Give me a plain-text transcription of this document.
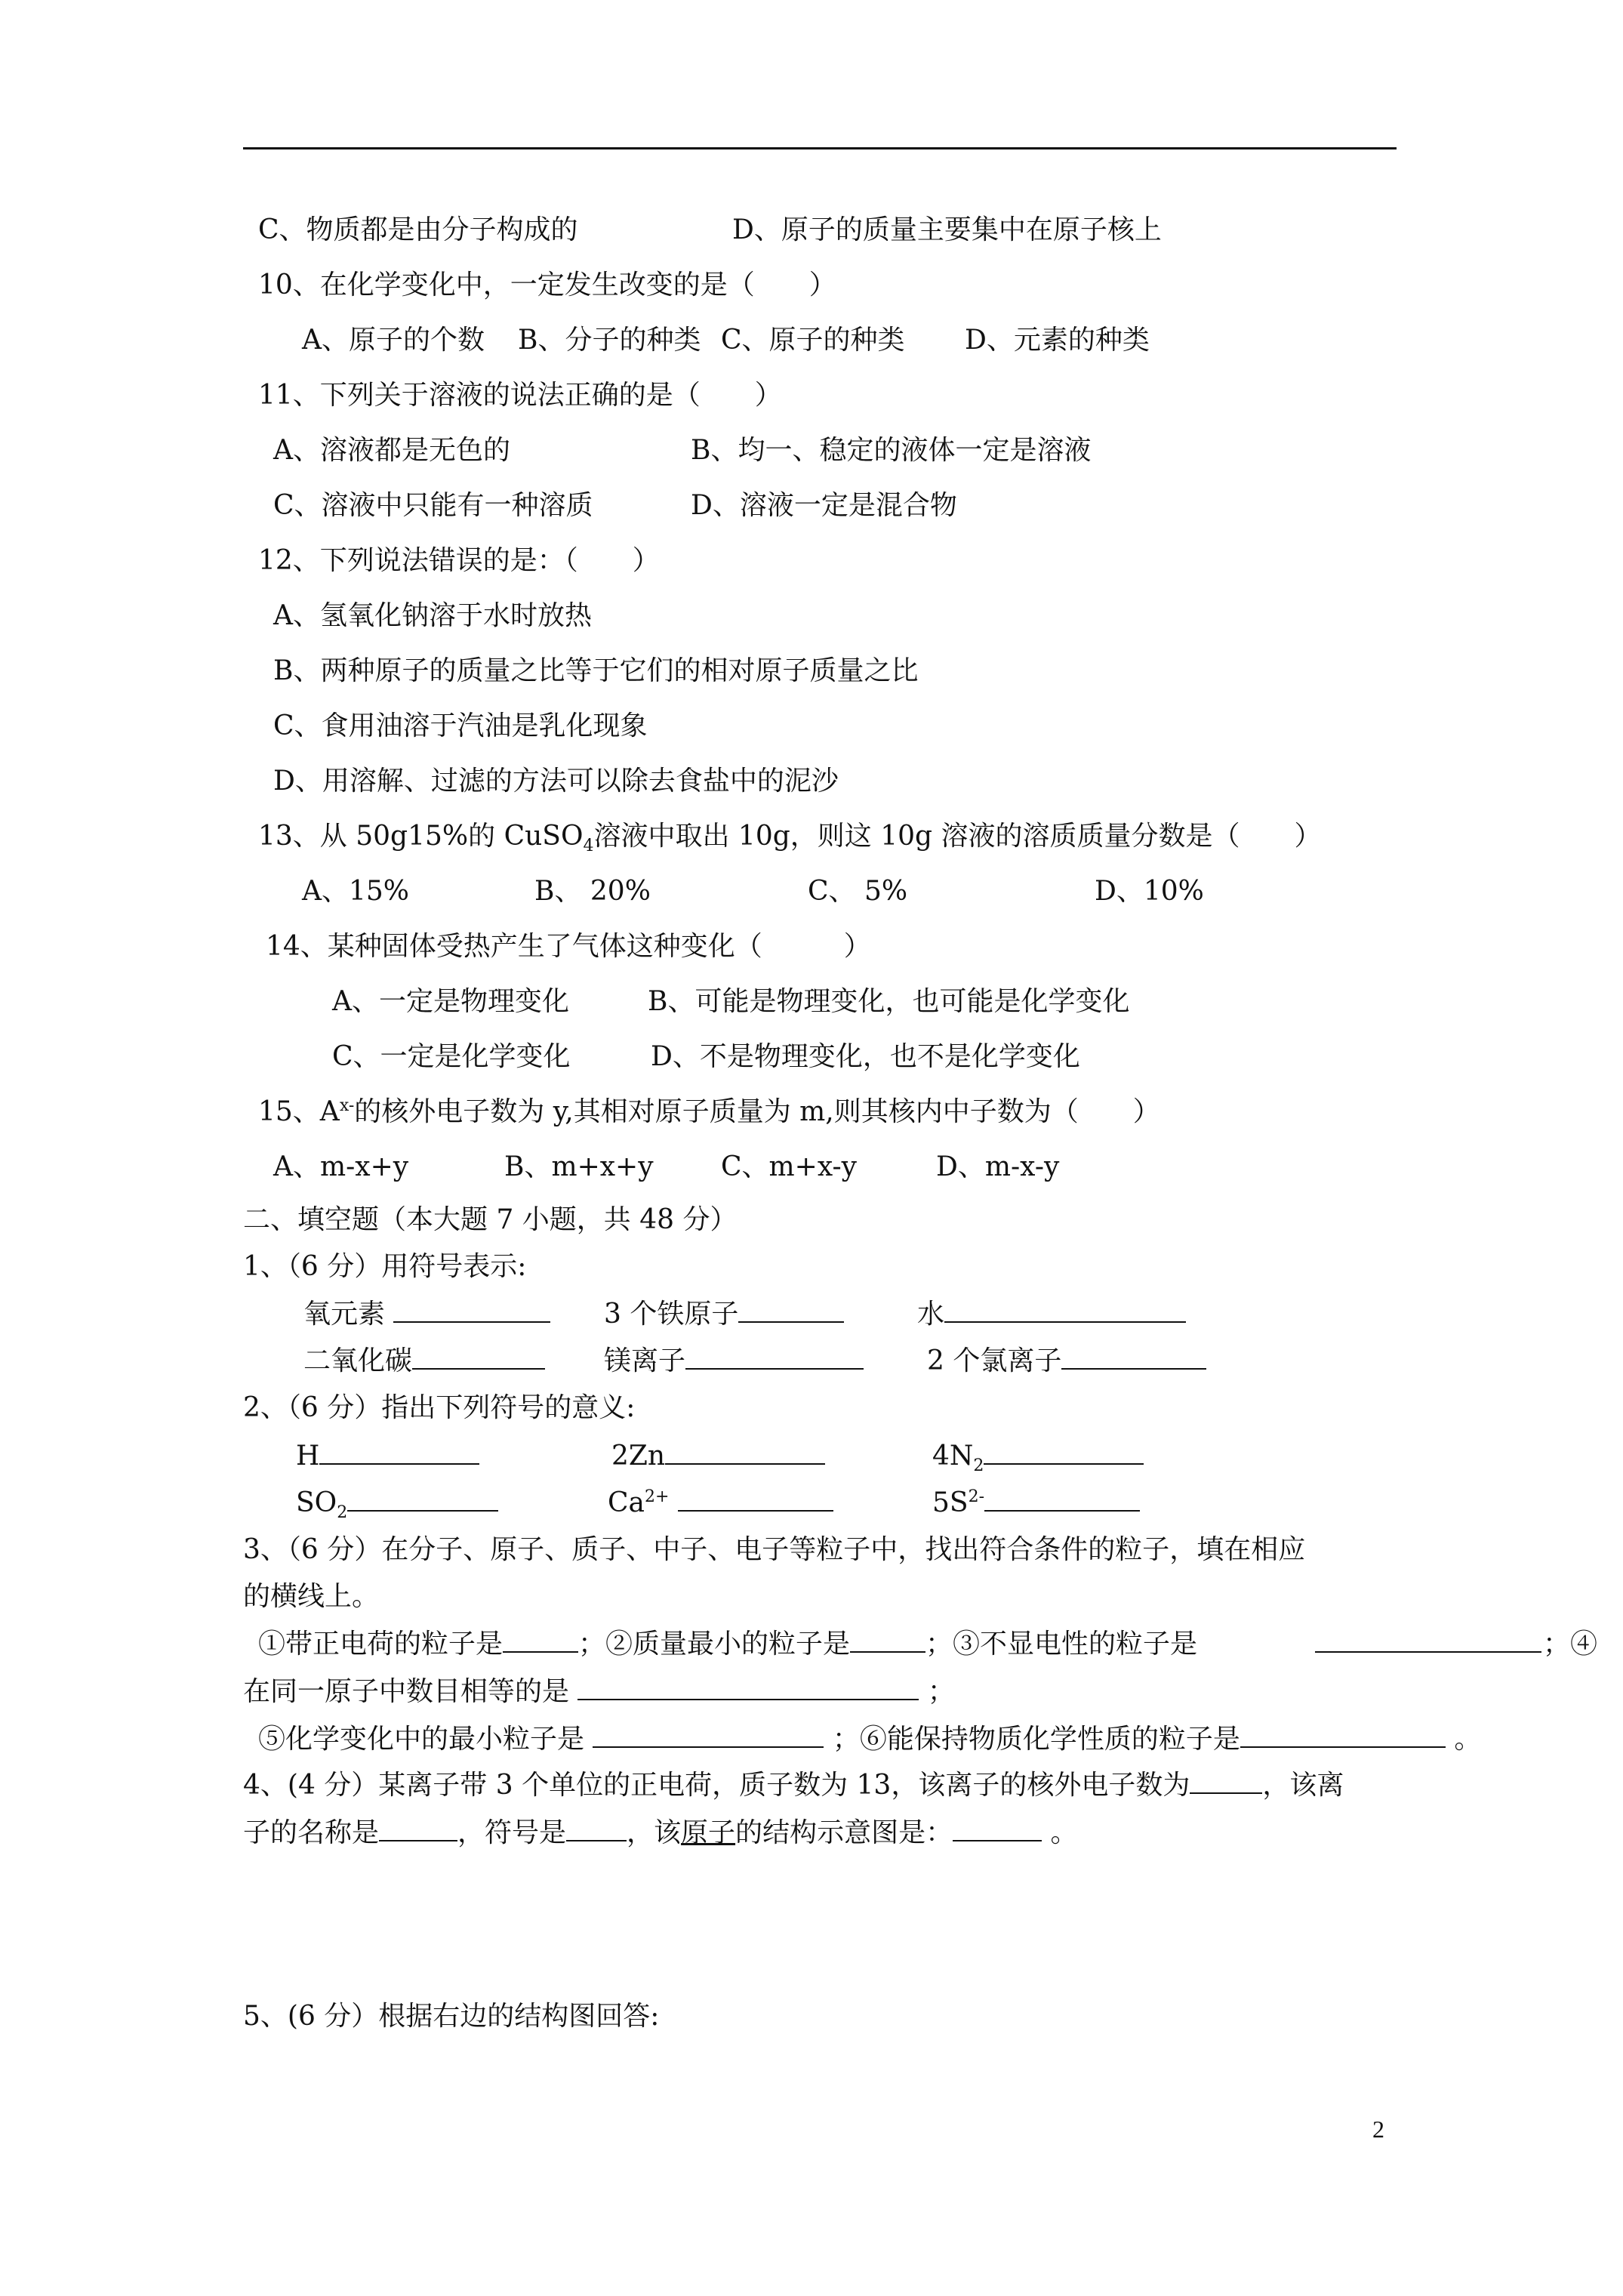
C、物质都是由分子构成的	D、原子的质量主要集中在原子核上
10、在化学变化中，一定发生改变的是（　　）
A、原子的个数 B、分子的种类 C、原子的种类 D、元素的种类
11、下列关于溶液的说法正确的是（　　）
A、溶液都是无色的	B、均一、稳定的液体一定是溶液
C、溶液中只能有一种溶质	D、溶液一定是混合物
12、下列说法错误的是：（　　）
A、氢氧化钠溶于水时放热
B、两种原子的质量之比等于它们的相对原子质量之比
C、食用油溶于汽油是乳化现象
D、用溶解、过滤的方法可以除去食盐中的泥沙
13、从 50g15%的 CuSO$_4$溶液中取出 10g，则这 10g 溶液的溶质质量分数是（　　）
A、15%	B、 20%	C、 5%	D、10%
14、某种固体受热产生了气体这种变化（　　　）
A、一定是物理变化	B、可能是物理变化，也可能是化学变化
C、一定是化学变化	D、不是物理变化，也不是化学变化
15、$A^{x-}$的核外电子数为 y,其相对原子质量为 m,则其核内中子数为（　　）
A、m-x+y	B、m+x+y C、m+x-y	D、m-x-y
二、填空题（本大题 7 小题，共 48 分）
1、（6 分）用符号表示:
氧元素	3 个铁原子	水
二氧化碳	镁离子	2 个氯离子
2、（6 分）指出下列符号的意义:
H	2Zn	$4N_2$
$SO_2$	$Ca^{2+}$	$5S^{2-}$
3、（6 分）在分子、原子、质子、中子、电子等粒子中，找出符合条件的粒子，填在相应
的横线上。
①带正电荷的粒子是	；②质量最小的粒子是	；③不显电性的粒子是	；④
在同一原子中数目相等的是	；
⑤化学变化中的最小粒子是	；⑥能保持物质化学性质的粒子是	。
4、(4 分）某离子带 3 个单位的正电荷，质子数为 13，该离子的核外电子数为	，该离
子的名称是	，符号是 ，该原子的结构示意图是：	。
5、(6 分）根据右边的结构图回答:
2
